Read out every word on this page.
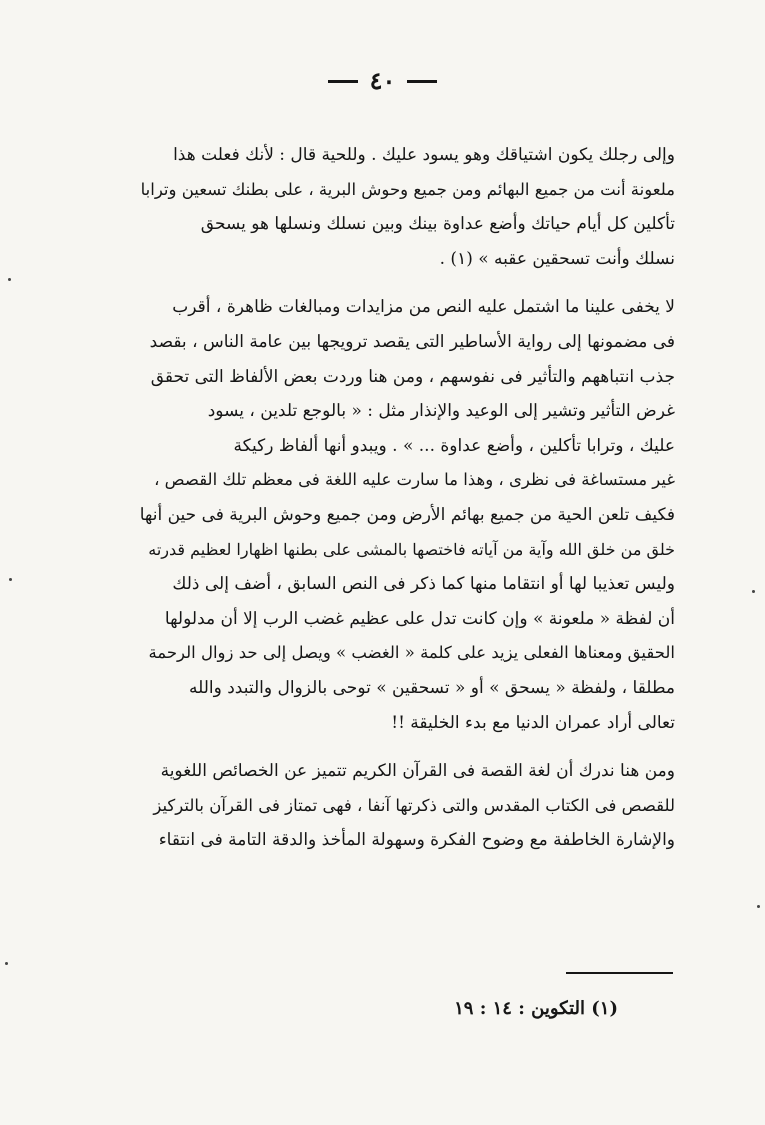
٤٠
وإلى رجلك يكون اشتياقك وهو يسود عليك . وللحية قال : لأنك فعلت هذا
ملعونة أنت من جميع البهائم ومن جميع وحوش البرية ، على بطنك تسعين وترابا
تأكلين كل أيام حياتك وأضع عداوة بينك وبين نسلك ونسلها هو يسحق
نسلك وأنت تسحقين عقبه » (١) .
لا يخفى علينا ما اشتمل عليه النص من مزايدات ومبالغات ظاهرة ، أقرب
فى مضمونها إلى رواية الأساطير التى يقصد ترويجها بين عامة الناس ، بقصد
جذب انتباههم والتأثير فى نفوسهم ، ومن هنا وردت بعض الألفاظ التى تحقق
غرض التأثير وتشير إلى الوعيد والإنذار مثل : « بالوجع تلدين ، يسود
عليك ، وترابا تأكلين ، وأضع عداوة ... » . ويبدو أنها ألفاظ ركيكة
غير مستساغة فى نظرى ، وهذا ما سارت عليه اللغة فى معظم تلك القصص ،
فكيف تلعن الحية من جميع بهائم الأرض ومن جميع وحوش البرية فى حين أنها
خلق من خلق الله وآية من آياته فاختصها بالمشى على بطنها اظهارا لعظيم قدرته
وليس تعذيبا لها أو انتقاما منها كما ذكر فى النص السابق ، أضف إلى ذلك
أن لفظة « ملعونة » وإن كانت تدل على عظيم غضب الرب إلا أن مدلولها
الحقيق ومعناها الفعلى يزيد على كلمة « الغضب » ويصل إلى حد زوال الرحمة
مطلقا ، ولفظة « يسحق » أو « تسحقين » توحى بالزوال والتبدد والله
تعالى أراد عمران الدنيا مع بدء الخليقة !!
ومن هنا ندرك أن لغة القصة فى القرآن الكريم تتميز عن الخصائص اللغوية
للقصص فى الكتاب المقدس والتى ذكرتها آنفا ، فهى تمتاز فى القرآن بالتركيز
والإشارة الخاطفة مع وضوح الفكرة وسهولة المأخذ والدقة التامة فى انتقاء
(١) التكوين : ١٤ : ١٩
